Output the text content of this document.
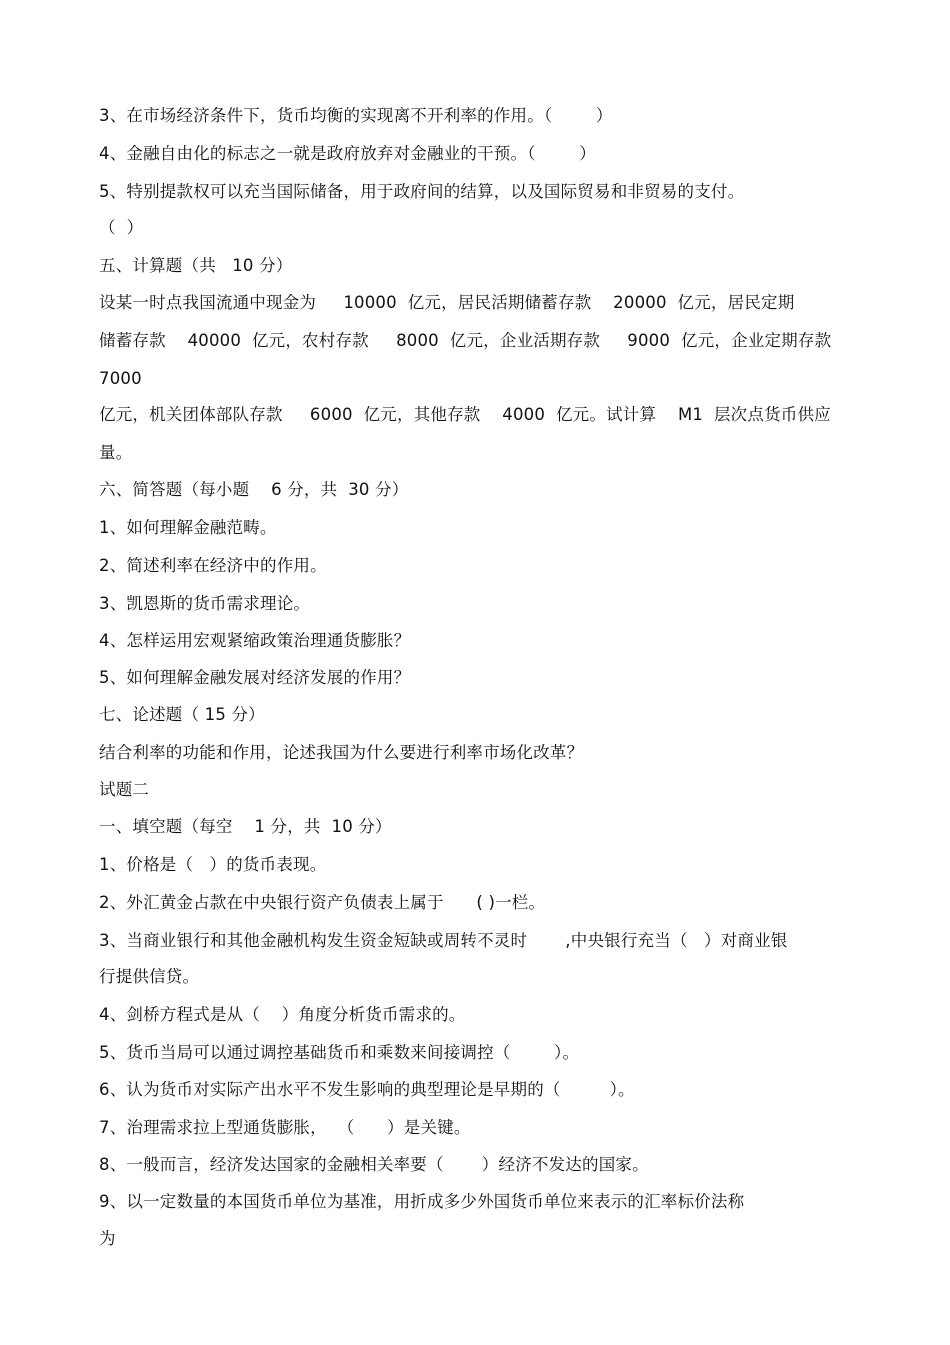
3、在市场经济条件下，货币均衡的实现离不开利率的作用。（        ）
4、金融自由化的标志之一就是政府放弃对金融业的干预。（        ）
5、特别提款权可以充当国际储备，用于政府间的结算，以及国际贸易和非贸易的支付。
（  ）
五、计算题（共   10 分）
设某一时点我国流通中现金为     10000  亿元，居民活期储蓄存款    20000  亿元，居民定期
储蓄存款    40000  亿元，农村存款     8000  亿元，企业活期存款     9000  亿元，企业定期存款
7000
亿元，机关团体部队存款     6000  亿元，其他存款    4000  亿元。试计算    M1  层次点货币供应
量。
六、简答题（每小题    6 分，共  30 分）
1、如何理解金融范畴。
2、简述利率在经济中的作用。
3、凯恩斯的货币需求理论。
4、怎样运用宏观紧缩政策治理通货膨胀？
5、如何理解金融发展对经济发展的作用？
七、论述题（ 15 分）
结合利率的功能和作用，论述我国为什么要进行利率市场化改革？
试题二
一、填空题（每空    1 分，共  10 分）
1、价格是（   ）的货币表现。
2、外汇黄金占款在中央银行资产负债表上属于      ( )一栏。
3、当商业银行和其他金融机构发生资金短缺或周转不灵时       ,中央银行充当（   ）对商业银
行提供信贷。
4、剑桥方程式是从（    ）角度分析货币需求的。
5、货币当局可以通过调控基础货币和乘数来间接调控（        ）。
6、认为货币对实际产出水平不发生影响的典型理论是早期的（         ）。
7、治理需求拉上型通货膨胀，  （      ）是关键。
8、一般而言，经济发达国家的金融相关率要（       ）经济不发达的国家。
9、以一定数量的本国货币单位为基准，用折成多少外国货币单位来表示的汇率标价法称
为
